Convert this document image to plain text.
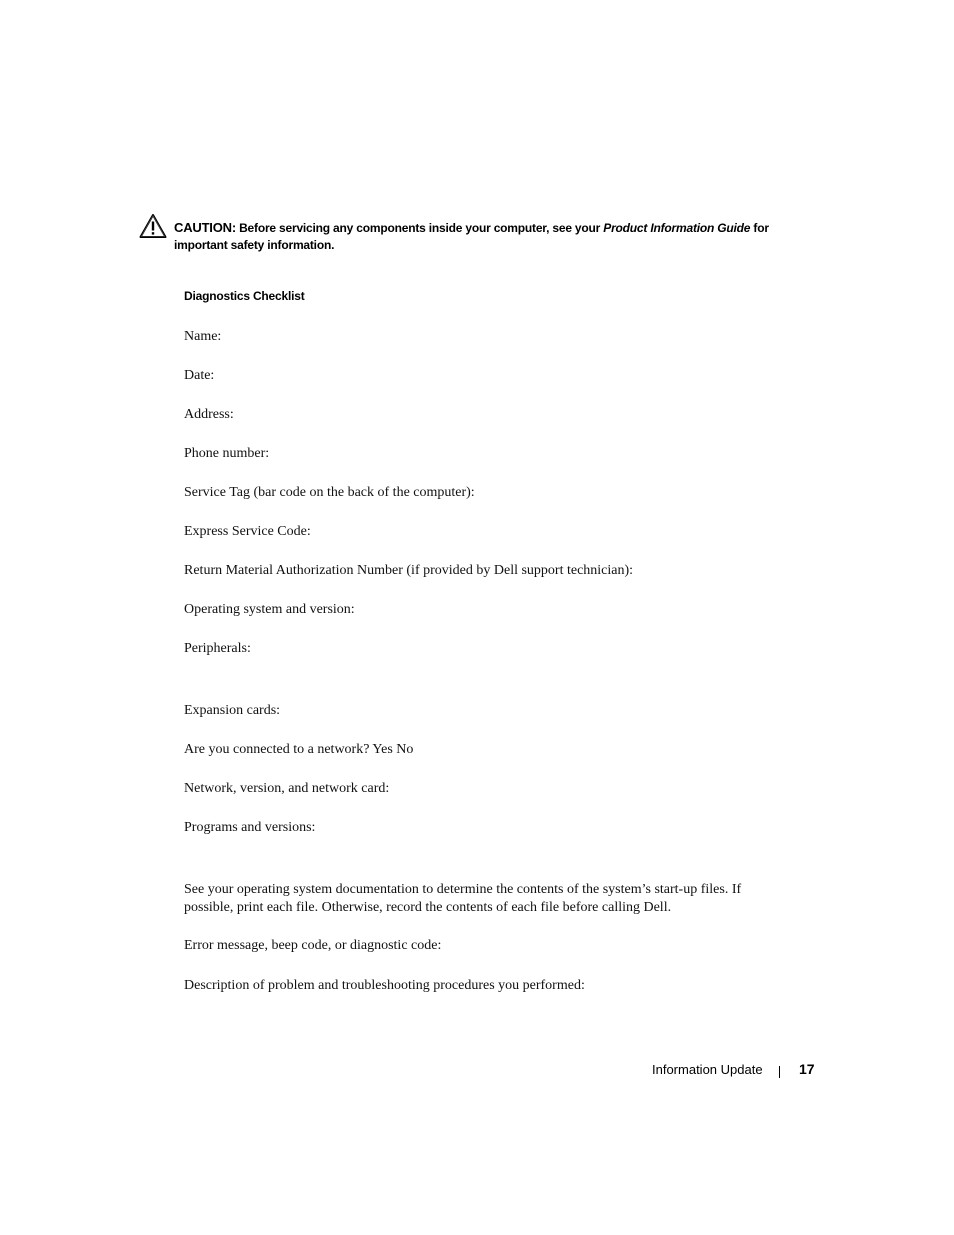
CAUTION: Before servicing any components inside your computer, see your Product Information Guide for important safety information.
Diagnostics Checklist
Name:
Date:
Address:
Phone number:
Service Tag (bar code on the back of the computer):
Express Service Code:
Return Material Authorization Number (if provided by Dell support technician):
Operating system and version:
Peripherals:
Expansion cards:
Are you connected to a network? Yes No
Network, version, and network card:
Programs and versions:
See your operating system documentation to determine the contents of the system’s start-up files. If possible, print each file. Otherwise, record the contents of each file before calling Dell.
Error message, beep code, or diagnostic code:
Description of problem and troubleshooting procedures you performed:
Information Update	17
